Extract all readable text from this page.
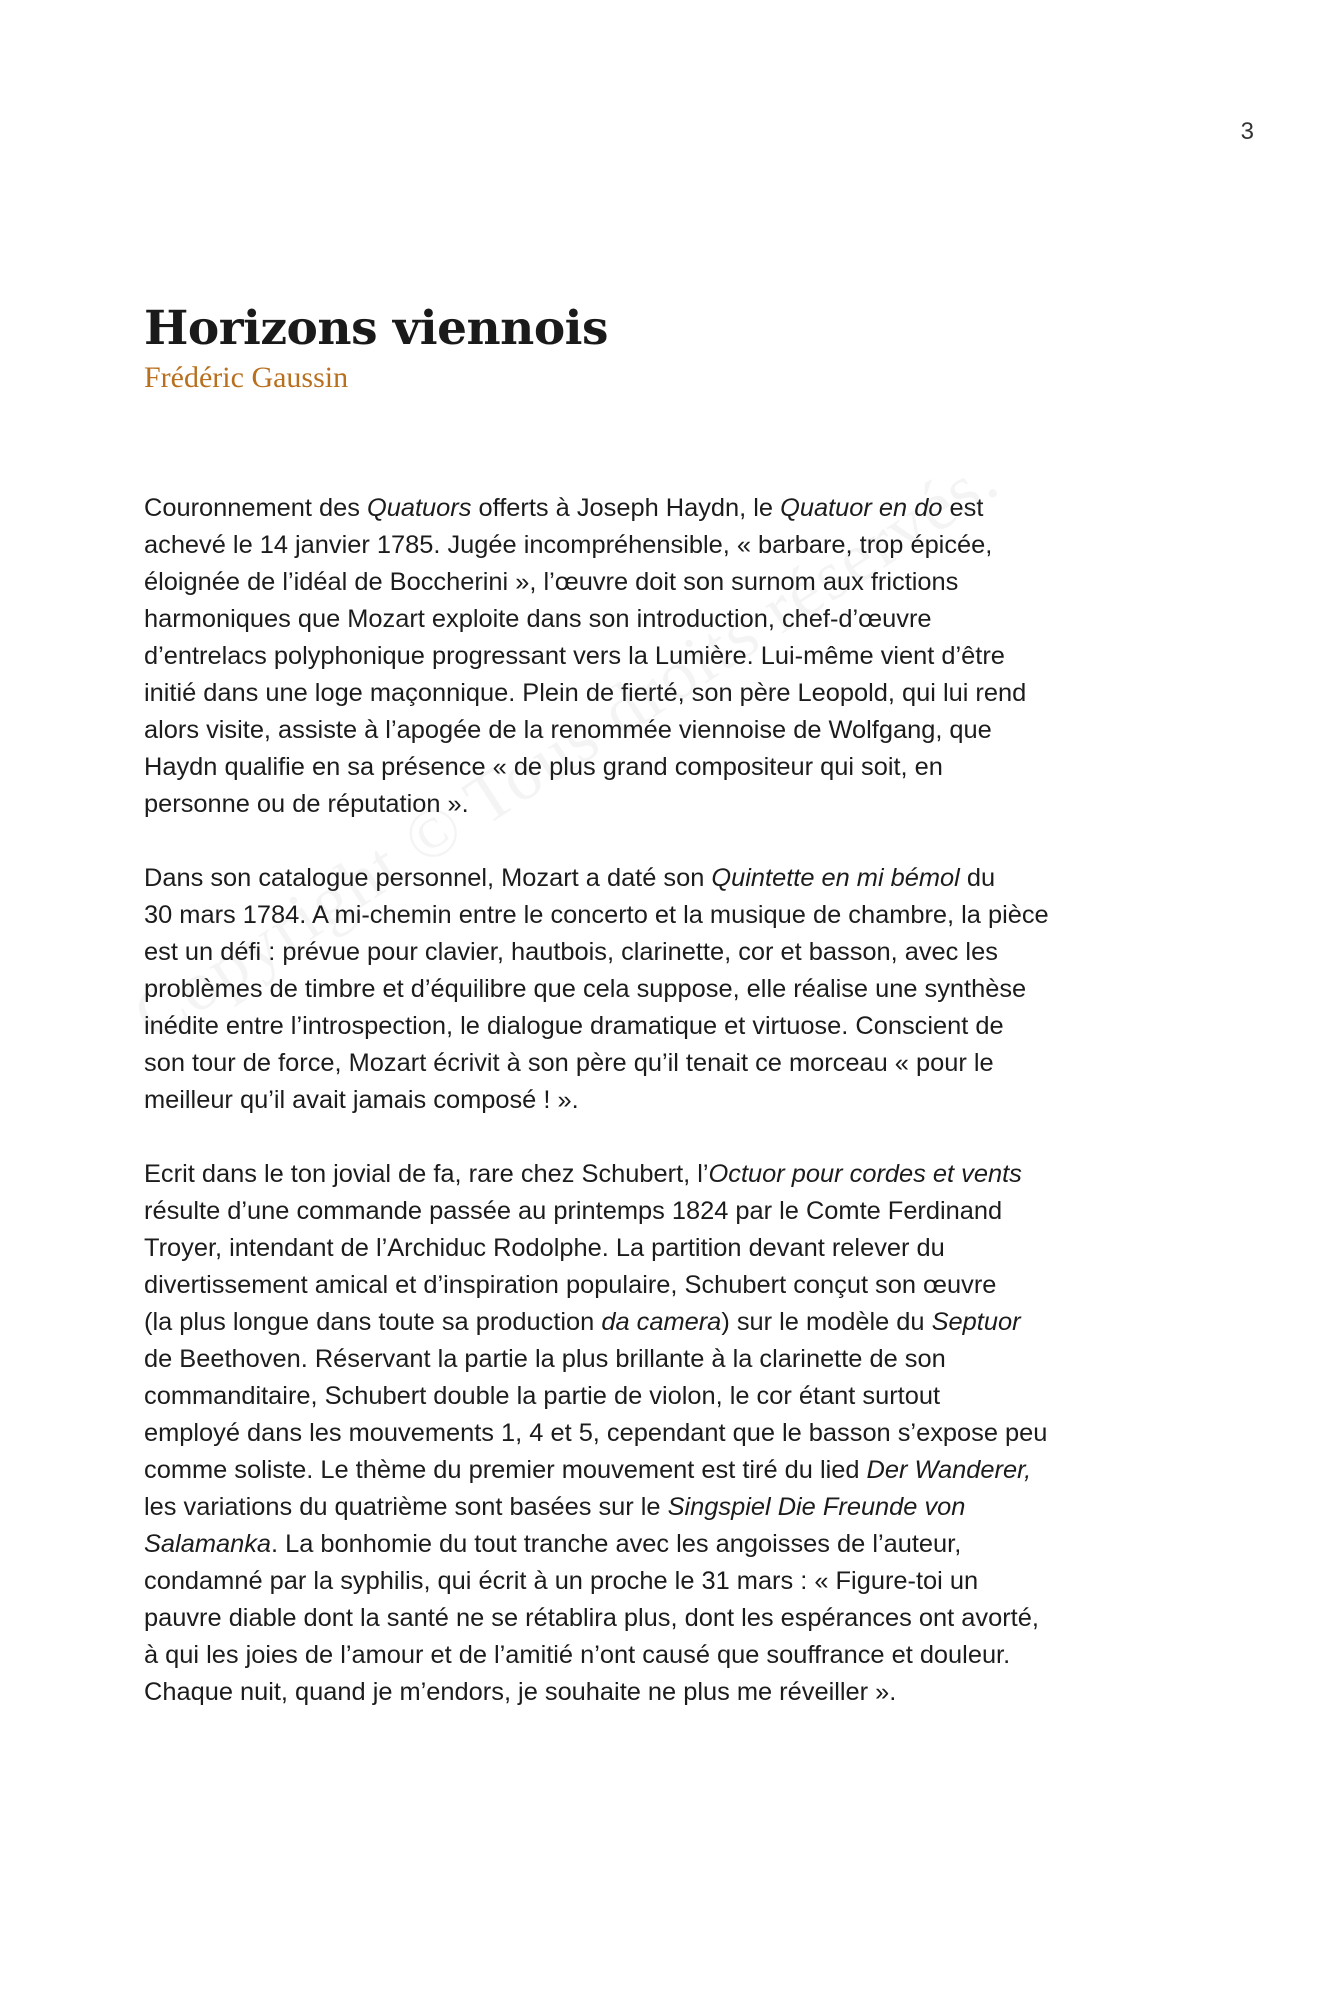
3
Horizons viennois

Frédéric Gaussin

Couronnement des Quatuors offerts à Joseph Haydn, le Quatuor en do est
achevé le 14 janvier 1785. Jugée incompréhensible, « barbare, trop épicée,
éloignée de l’idéal de Boccherini », l’œuvre doit son surnom aux frictions
harmoniques que Mozart exploite dans son introduction, chef-d’œuvre
d’entrelacs polyphonique progressant vers la Lumière. Lui-même vient d’être
initié dans une loge maçonnique. Plein de fierté, son père Leopold, qui lui rend
alors visite, assiste à l’apogée de la renommée viennoise de Wolfgang, que
Haydn qualifie en sa présence « de plus grand compositeur qui soit, en
personne ou de réputation ».

Dans son catalogue personnel, Mozart a daté son Quintette en mi bémol du
30 mars 1784. A mi-chemin entre le concerto et la musique de chambre, la pièce
est un défi : prévue pour clavier, hautbois, clarinette, cor et basson, avec les
problèmes de timbre et d’équilibre que cela suppose, elle réalise une synthèse
inédite entre l’introspection, le dialogue dramatique et virtuose. Conscient de
son tour de force, Mozart écrivit à son père qu’il tenait ce morceau « pour le
meilleur qu’il avait jamais composé ! ».

Ecrit dans le ton jovial de fa, rare chez Schubert, l’Octuor pour cordes et vents
résulte d’une commande passée au printemps 1824 par le Comte Ferdinand
Troyer, intendant de l’Archiduc Rodolphe. La partition devant relever du
divertissement amical et d’inspiration populaire, Schubert conçut son œuvre
(la plus longue dans toute sa production da camera) sur le modèle du Septuor
de Beethoven. Réservant la partie la plus brillante à la clarinette de son
commanditaire, Schubert double la partie de violon, le cor étant surtout
employé dans les mouvements 1, 4 et 5, cependant que le basson s’expose peu
comme soliste. Le thème du premier mouvement est tiré du lied Der Wanderer,
les variations du quatrième sont basées sur le Singspiel Die Freunde von
Salamanka. La bonhomie du tout tranche avec les angoisses de l’auteur,
condamné par la syphilis, qui écrit à un proche le 31 mars : « Figure-toi un
pauvre diable dont la santé ne se rétablira plus, dont les espérances ont avorté,
à qui les joies de l’amour et de l’amitié n’ont causé que souffrance et douleur.
Chaque nuit, quand je m’endors, je souhaite ne plus me réveiller ».
